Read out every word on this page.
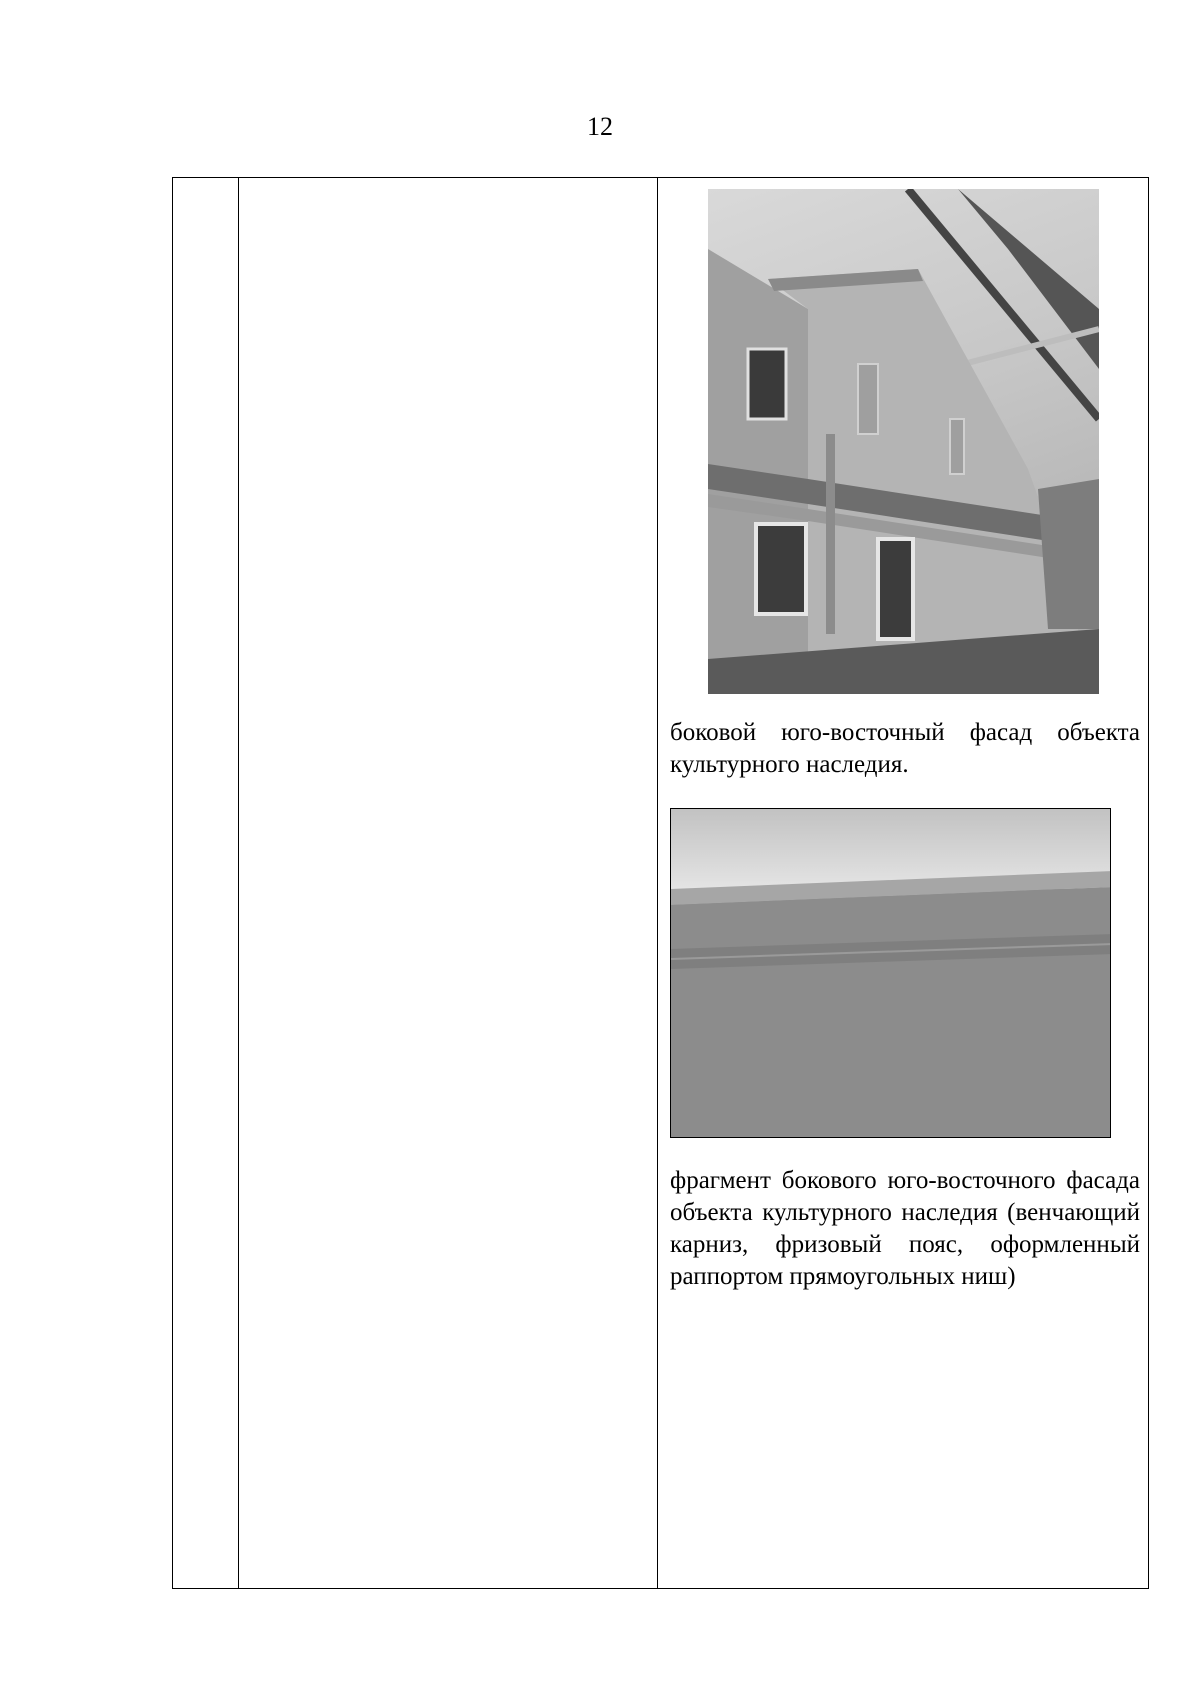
12
боковой юго-восточный фасад объекта культурного наследия.
фрагмент бокового юго-восточного фасада объекта культурного наследия (венчающий карниз, фризовый пояс, оформленный раппортом прямоугольных ниш)
